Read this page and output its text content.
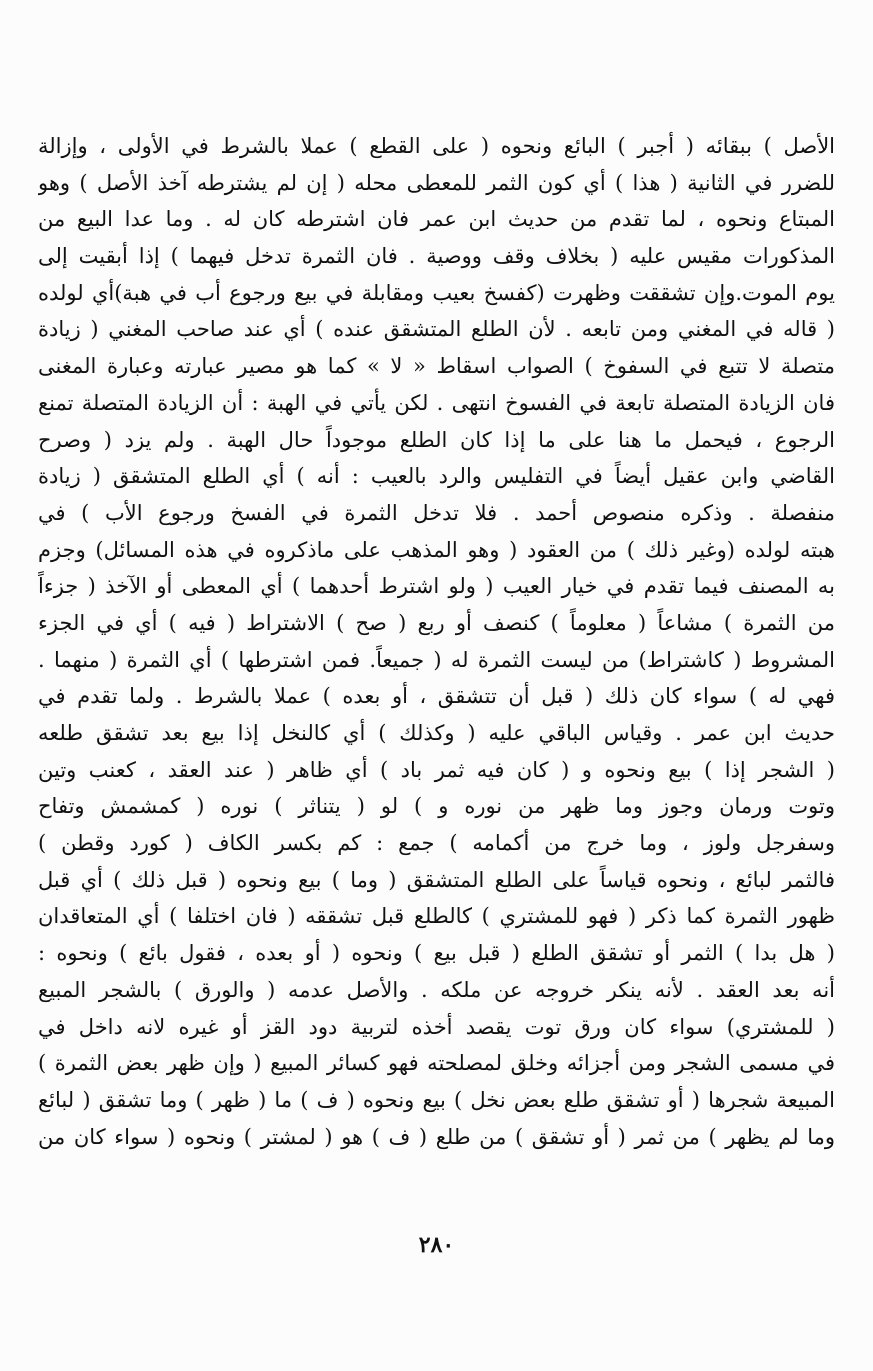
الأصل ) ببقائه ( أجبر ) البائع ونحوه ( على القطع ) عملا بالشرط في الأولى ، وإزالة
للضرر في الثانية ( هذا ) أي كون الثمر للمعطى محله ( إن لم يشترطه آخذ الأصل ) وهو
المبتاع ونحوه ، لما تقدم من حديث ابن عمر فان اشترطه كان له . وما عدا البيع من
المذكورات مقيس عليه ( بخلاف وقف ووصية . فان الثمرة تدخل فيهما ) إذا أبقيت إلى
يوم الموت.وإن تشققت وظهرت (كفسخ بعيب ومقابلة في بيع ورجوع أب في هبة)أي لولده
( قاله في المغني ومن تابعه . لأن الطلع المتشقق عنده ) أي عند صاحب المغني ( زيادة
متصلة لا تتبع في السفوخ ) الصواب اسقاط « لا » كما هو مصير عبارته وعبارة المغنى
فان الزيادة المتصلة تابعة في الفسوخ انتهى . لكن يأتي في الهبة : أن الزيادة المتصلة تمنع
الرجوع ، فيحمل ما هنا على ما إذا كان الطلع موجوداً حال الهبة . ولم يزد ( وصرح
القاضي وابن عقيل أيضاً في التفليس والرد بالعيب : أنه ) أي الطلع المتشقق ( زيادة
منفصلة . وذكره منصوص أحمد . فلا تدخل الثمرة في الفسخ ورجوع الأب ) في
هبته لولده (وغير ذلك ) من العقود ( وهو المذهب على ماذكروه في هذه المسائل) وجزم
به المصنف فيما تقدم في خيار العيب ( ولو اشترط أحدهما ) أي المعطى أو الآخذ ( جزءاً
من الثمرة ) مشاعاً ( معلوماً ) كنصف أو ربع ( صح ) الاشتراط ( فيه ) أي في الجزء
المشروط ( كاشتراط) من ليست الثمرة له ( جميعاً. فمن اشترطها ) أي الثمرة ( منهما .
فهي له ) سواء كان ذلك ( قبل أن تتشقق ، أو بعده ) عملا بالشرط . ولما تقدم في
حديث ابن عمر . وقياس الباقي عليه ( وكذلك ) أي كالنخل إذا بيع بعد تشقق طلعه
( الشجر إذا ) بيع ونحوه و ( كان فيه ثمر باد ) أي ظاهر ( عند العقد ، كعنب وتين
وتوت ورمان وجوز وما ظهر من نوره و ) لو ( يتناثر ) نوره ( كمشمش وتفاح
وسفرجل ولوز ، وما خرج من أكمامه ) جمع : كم بكسر الكاف ( كورد وقطن )
فالثمر لبائع ، ونحوه قياساً على الطلع المتشقق ( وما ) بيع ونحوه ( قبل ذلك ) أي قبل
ظهور الثمرة كما ذكر ( فهو للمشتري ) كالطلع قبل تشققه ( فان اختلفا ) أي المتعاقدان
( هل بدا ) الثمر أو تشقق الطلع ( قبل بيع ) ونحوه ( أو بعده ، فقول بائع ) ونحوه :
أنه بعد العقد . لأنه ينكر خروجه عن ملكه . والأصل عدمه ( والورق ) بالشجر المبيع
( للمشتري) سواء كان ورق توت يقصد أخذه لتربية دود القز أو غيره لانه داخل في
في مسمى الشجر ومن أجزائه وخلق لمصلحته فهو كسائر المبيع ( وإن ظهر بعض الثمرة )
المبيعة شجرها ( أو تشقق طلع بعض نخل ) بيع ونحوه ( ف ) ما ( ظهر ) وما تشقق ( لبائع
وما لم يظهر ) من ثمر ( أو تشقق ) من طلع ( ف ) هو ( لمشتر ) ونحوه ( سواء كان من
٢٨٠
